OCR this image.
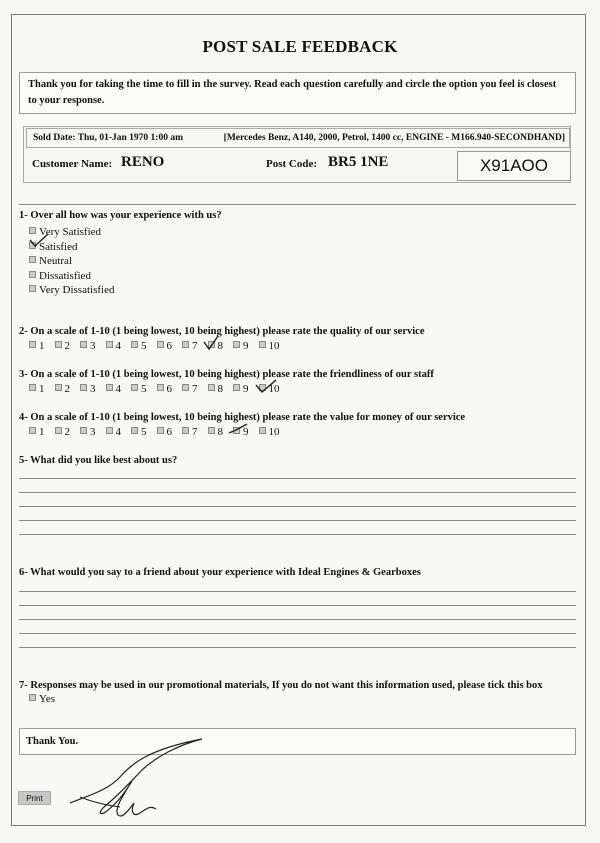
POST SALE FEEDBACK
Thank you for taking the time to fill in the survey. Read each question carefully and circle the option you feel is closest to your response.
Sold Date: Thu, 01-Jan 1970 1:00 am	[Mercedes Benz, A140, 2000, Petrol, 1400 cc, ENGINE - M166.940-SECONDHAND]
Customer Name: RENO	Post Code: BR5 1NE	X91AOO
1- Over all how was your experience with us?
Very Satisfied
Satisfied
Neutral
Dissatisfied
Very Dissatisfied
2- On a scale of 1-10 (1 being lowest, 10 being highest) please rate the quality of our service
1 2 3 4 5 6 7 8 9 10
3- On a scale of 1-10 (1 being lowest, 10 being highest) please rate the friendliness of our staff
1 2 3 4 5 6 7 8 9 10
4- On a scale of 1-10 (1 being lowest, 10 being highest) please rate the value for money of our service
1 2 3 4 5 6 7 8 9 10
5- What did you like best about us?
6- What would you say to a friend about your experience with Ideal Engines & Gearboxes
7- Responses may be used in our promotional materials, If you do not want this information used, please tick this box
Yes
Thank You.
Print
